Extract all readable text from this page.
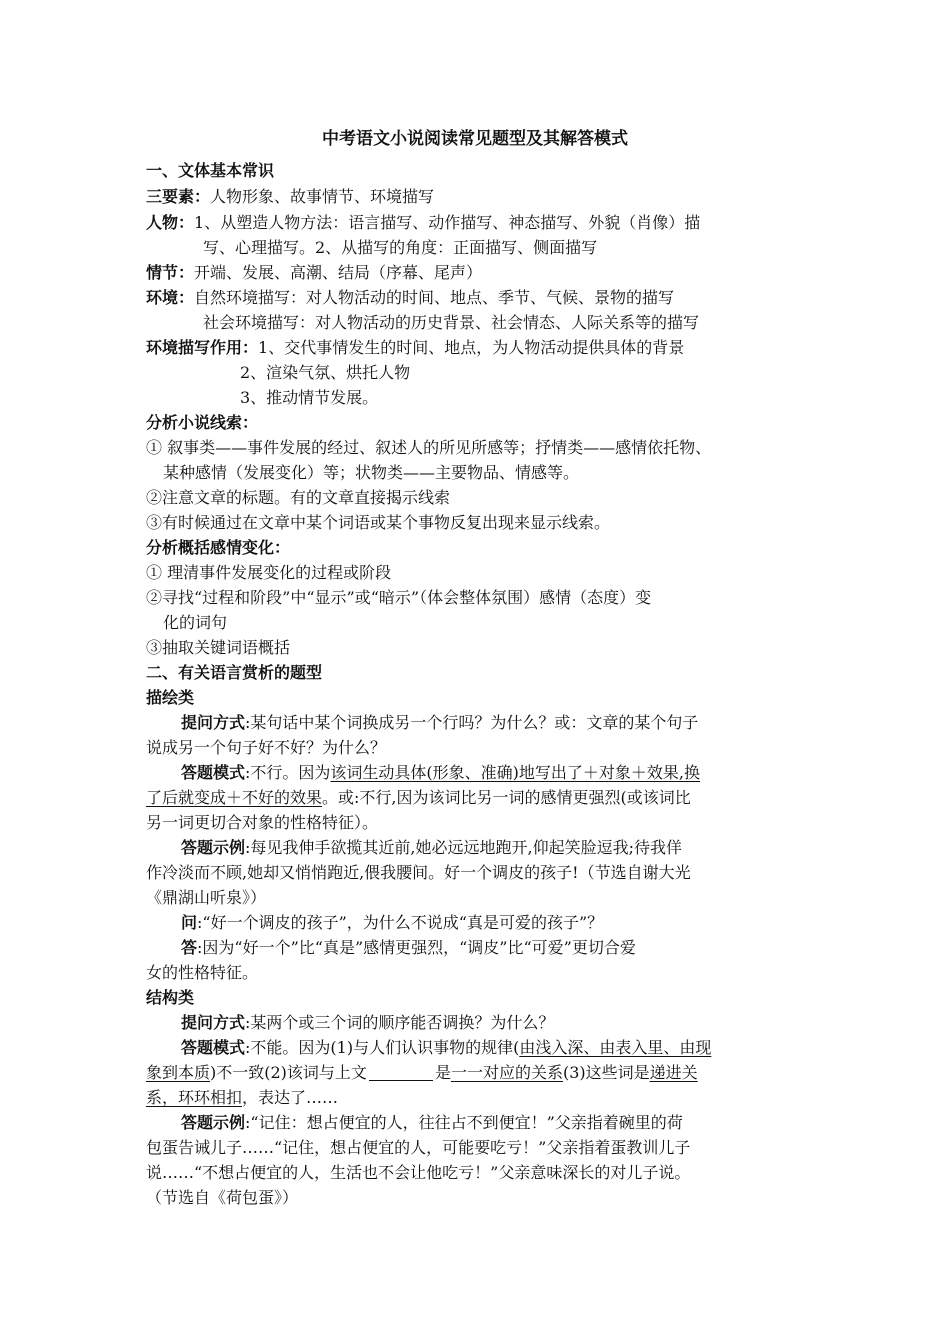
中考语文小说阅读常见题型及其解答模式
一、文体基本常识
三要素：人物形象、故事情节、环境描写
人物：1、从塑造人物方法：语言描写、动作描写、神态描写、外貌（肖像）描
写、心理描写。2、从描写的角度：正面描写、侧面描写
情节：开端、发展、高潮、结局（序幕、尾声）
环境：自然环境描写：对人物活动的时间、地点、季节、气候、景物的描写
社会环境描写：对人物活动的历史背景、社会情态、人际关系等的描写
环境描写作用：1、交代事情发生的时间、地点，为人物活动提供具体的背景
2、渲染气氛、烘托人物
3、推动情节发展。
分析小说线索：
① 叙事类——事件发展的经过、叙述人的所见所感等；抒情类——感情依托物、
某种感情（发展变化）等；状物类——主要物品、情感等。
②注意文章的标题。有的文章直接揭示线索
③有时候通过在文章中某个词语或某个事物反复出现来显示线索。
分析概括感情变化：
① 理清事件发展变化的过程或阶段
②寻找“过程和阶段”中“显示”或“暗示”（体会整体氛围）感情（态度）变
化的词句
③抽取关键词语概括
二、有关语言赏析的题型
描绘类
提问方式:某句话中某个词换成另一个行吗？为什么？或：文章的某个句子
说成另一个句子好不好？为什么？
答题模式:不行。因为该词生动具体(形象、准确)地写出了＋对象＋效果,换
了后就变成＋不好的效果。或:不行,因为该词比另一词的感情更强烈(或该词比
另一词更切合对象的性格特征）。
答题示例:每见我伸手欲揽其近前,她必远远地跑开,仰起笑脸逗我;待我佯
作冷淡而不顾,她却又悄悄跑近,偎我腰间。好一个调皮的孩子!（节选自谢大光
《鼎湖山听泉》）
问:“好一个调皮的孩子”，为什么不说成“真是可爱的孩子”？
答:因为“好一个”比“真是”感情更强烈，“调皮”比“可爱”更切合爱
女的性格特征。
结构类
提问方式:某两个或三个词的顺序能否调换？为什么？
答题模式:不能。因为(1)与人们认识事物的规律(由浅入深、由表入里、由现
象到本质)不一致(2)该词与上文	是一一对应的关系(3)这些词是递进关
系，环环相扣，表达了……
答题示例:“记住：想占便宜的人，往往占不到便宜！”父亲指着碗里的荷
包蛋告诫儿子……“记住，想占便宜的人，可能要吃亏！”父亲指着蛋教训儿子
说……“不想占便宜的人，生活也不会让他吃亏！”父亲意味深长的对儿子说。
（节选自《荷包蛋》）
